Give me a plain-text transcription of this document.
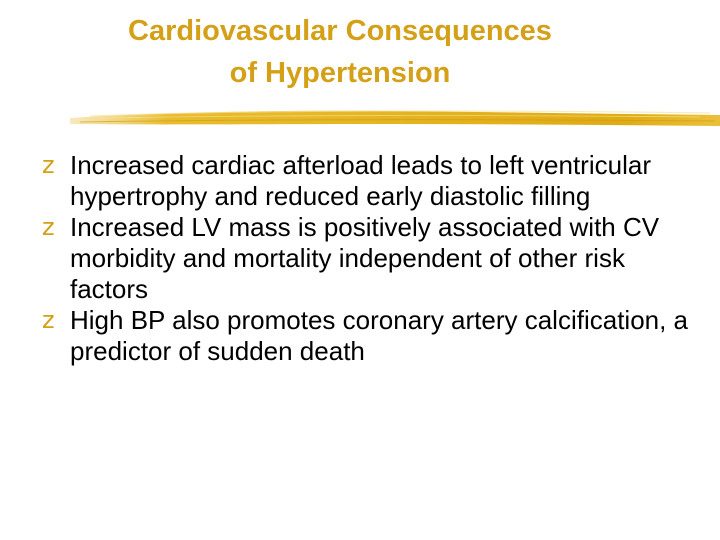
Cardiovascular Consequences
of Hypertension
z Increased cardiac afterload leads to left ventricular hypertrophy and reduced early diastolic filling
z Increased LV mass is positively associated with CV morbidity and mortality independent of other risk factors
z High BP also promotes coronary artery calcification, a predictor of sudden death
